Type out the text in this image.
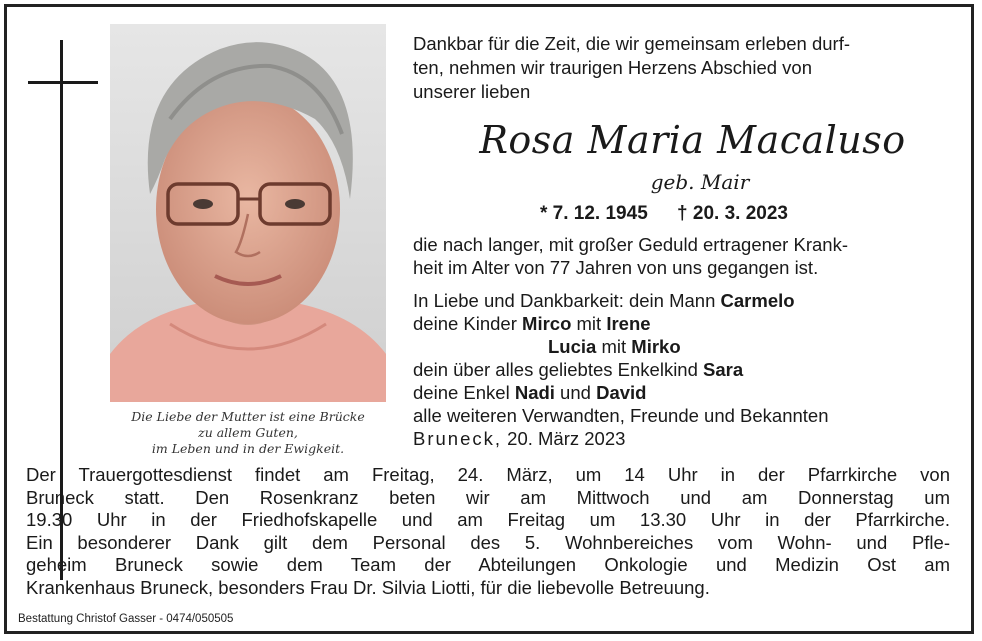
Die Liebe der Mutter ist eine Brücke
zu allem Guten,
im Leben und in der Ewigkeit.
Dankbar für die Zeit, die wir gemeinsam erleben durf-
ten, nehmen wir traurigen Herzens Abschied von
unserer lieben
Rosa Maria Macaluso
geb. Mair
* 7. 12. 1945 † 20. 3. 2023
die nach langer, mit großer Geduld ertragener Krank-
heit im Alter von 77 Jahren von uns gegangen ist.
In Liebe und Dankbarkeit: dein Mann Carmelo
deine Kinder Mirco mit Irene
Lucia mit Mirko
dein über alles geliebtes Enkelkind Sara
deine Enkel Nadi und David
alle weiteren Verwandten, Freunde und Bekannten
Bruneck, 20. März 2023
Der Trauergottesdienst findet am Freitag, 24. März, um 14 Uhr in der Pfarrkirche von
Bruneck statt. Den Rosenkranz beten wir am Mittwoch und am Donnerstag um
19.30 Uhr in der Friedhofskapelle und am Freitag um 13.30 Uhr in der Pfarrkirche.
Ein besonderer Dank gilt dem Personal des 5. Wohnbereiches vom Wohn- und Pfle-
geheim Bruneck sowie dem Team der Abteilungen Onkologie und Medizin Ost am
Krankenhaus Bruneck, besonders Frau Dr. Silvia Liotti, für die liebevolle Betreuung.
Bestattung Christof Gasser - 0474/050505
